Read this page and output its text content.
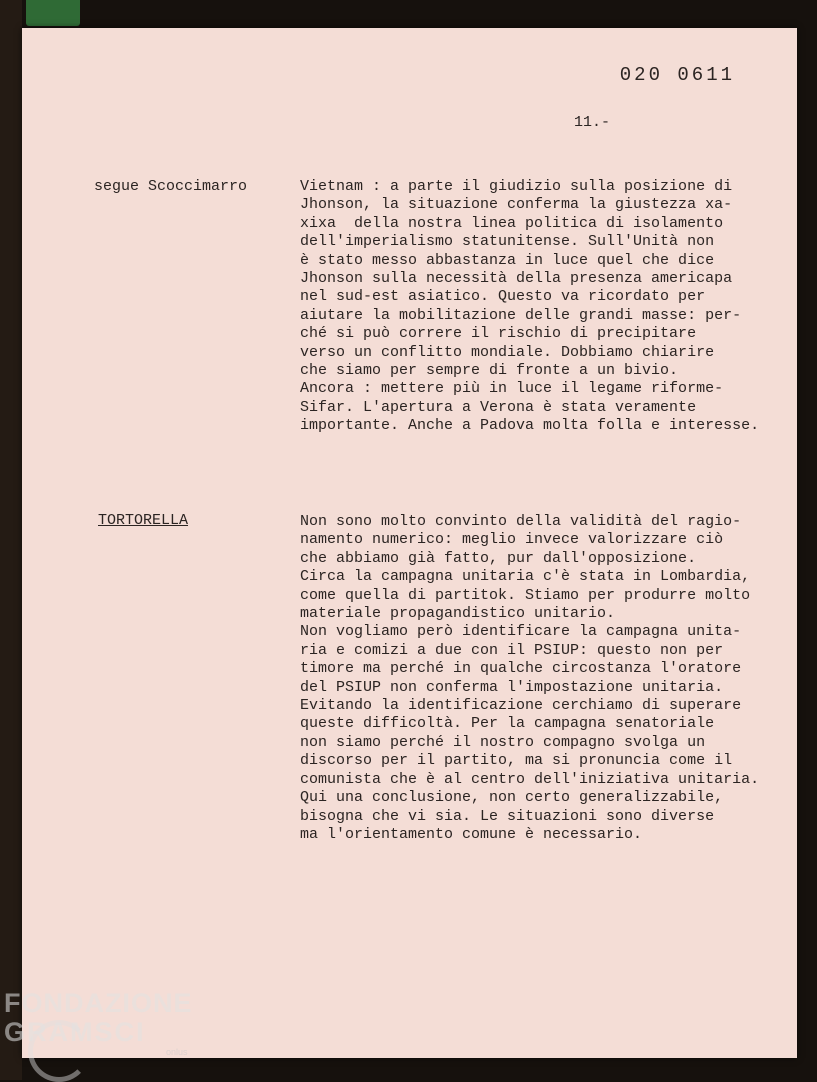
020 0611
11.-
segue Scoccimarro	Vietnam : a parte il giudizio sulla posizione di
Jhonson, la situazione conferma la giustezza xa-
xixa  della nostra linea politica di isolamento
dell'imperialismo statunitense. Sull'Unità non
è stato messo abbastanza in luce quel che dice
Jhonson sulla necessità della presenza americapa
nel sud-est asiatico. Questo va ricordato per
aiutare la mobilitazione delle grandi masse: per-
ché si può correre il rischio di precipitare
verso un conflitto mondiale. Dobbiamo chiarire
che siamo per sempre di fronte a un bivio.
Ancora : mettere più in luce il legame riforme-
Sifar. L'apertura a Verona è stata veramente
importante. Anche a Padova molta folla e interesse.
TORTORELLA	Non sono molto convinto della validità del ragio-
namento numerico: meglio invece valorizzare ciò
che abbiamo già fatto, pur dall'opposizione.
Circa la campagna unitaria c'è stata in Lombardia,
come quella di partitok. Stiamo per produrre molto
materiale propagandistico unitario.
Non vogliamo però identificare la campagna unita-
ria e comizi a due con il PSIUP: questo non per
timore ma perché in qualche circostanza l'oratore
del PSIUP non conferma l'impostazione unitaria.
Evitando la identificazione cerchiamo di superare
queste difficoltà. Per la campagna senatoriale
non siamo perché il nostro compagno svolga un
discorso per il partito, ma si pronuncia come il
comunista che è al centro dell'iniziativa unitaria.
Qui una conclusione, non certo generalizzabile,
bisogna che vi sia. Le situazioni sono diverse
ma l'orientamento comune è necessario.
FONDAZIONE
GRAMSCI
onlus
